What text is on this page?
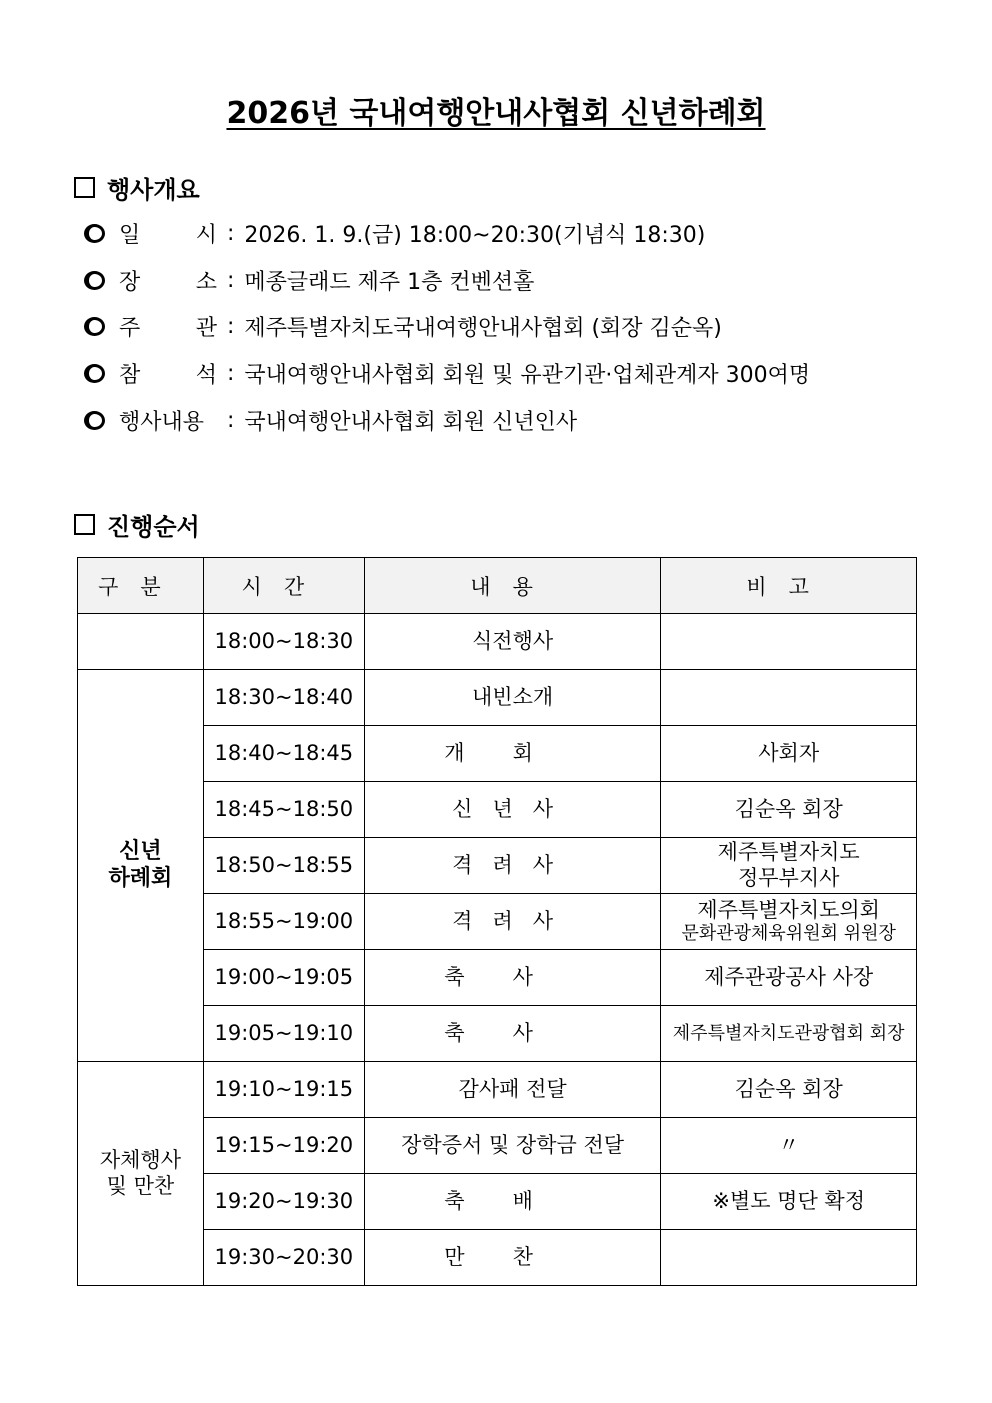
2026년 국내여행안내사협회 신년하례회
행사개요
일	시 : 2026. 1. 9.(금) 18:00~20:30(기념식 18:30)
장	소 : 메종글래드 제주 1층 컨벤션홀
주	관 : 제주특별자치도국내여행안내사협회 (회장 김순옥)
참	석 : 국내여행안내사협회 회원 및 유관기관·업체관계자 300여명
행사내용 : 국내여행안내사협회 회원 신년인사
진행순서
구분	시간	내용	비고
	18:00~18:30	식전행사	

신년
하례회	18:30~18:40	내빈소개	
	18:40~18:45	개회	사회자
	18:45~18:50	신년사	김순옥 회장
	18:50~18:55	격려사	제주특별자치도
정무부지사

	18:55~19:00	격려사	제주특별자치도의회
문화관광체육위원회 위원장

	19:00~19:05	축사	제주관광공사 사장
	19:05~19:10	축사	제주특별자치도관광협회 회장

자체행사
및 만찬	19:10~19:15	감사패 전달	김순옥 회장
	19:15~19:20	장학증서 및 장학금 전달	〃
	19:20~19:30	축배	※별도 명단 확정
	19:30~20:30	만찬	
